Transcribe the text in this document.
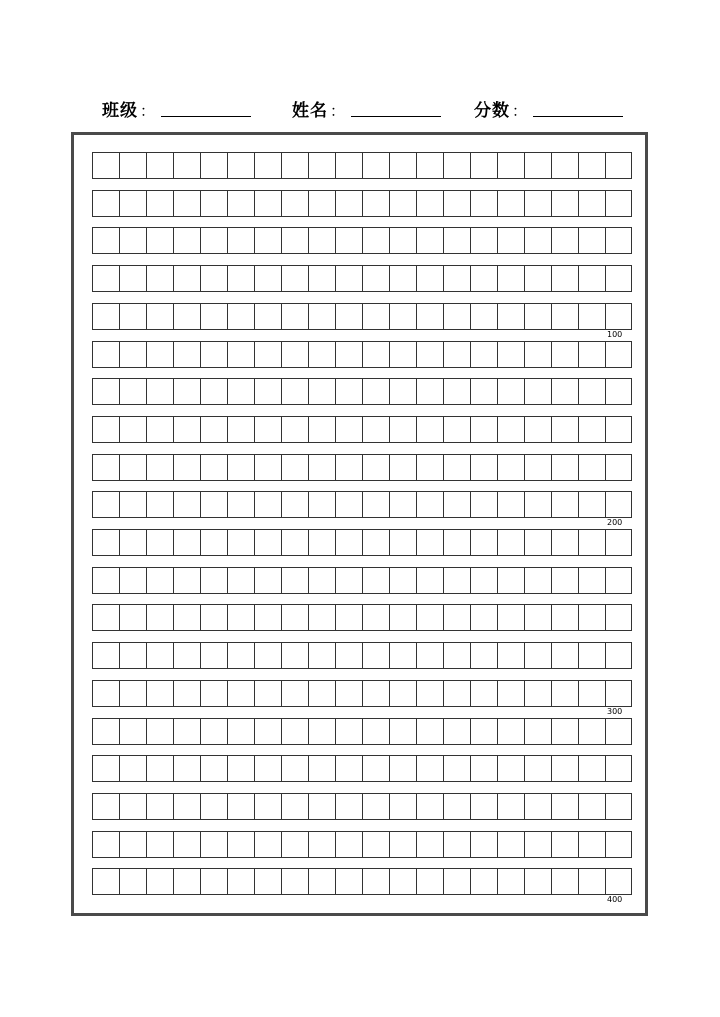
班级 ：	姓名 ：	分数 ：
100
200
300
400
